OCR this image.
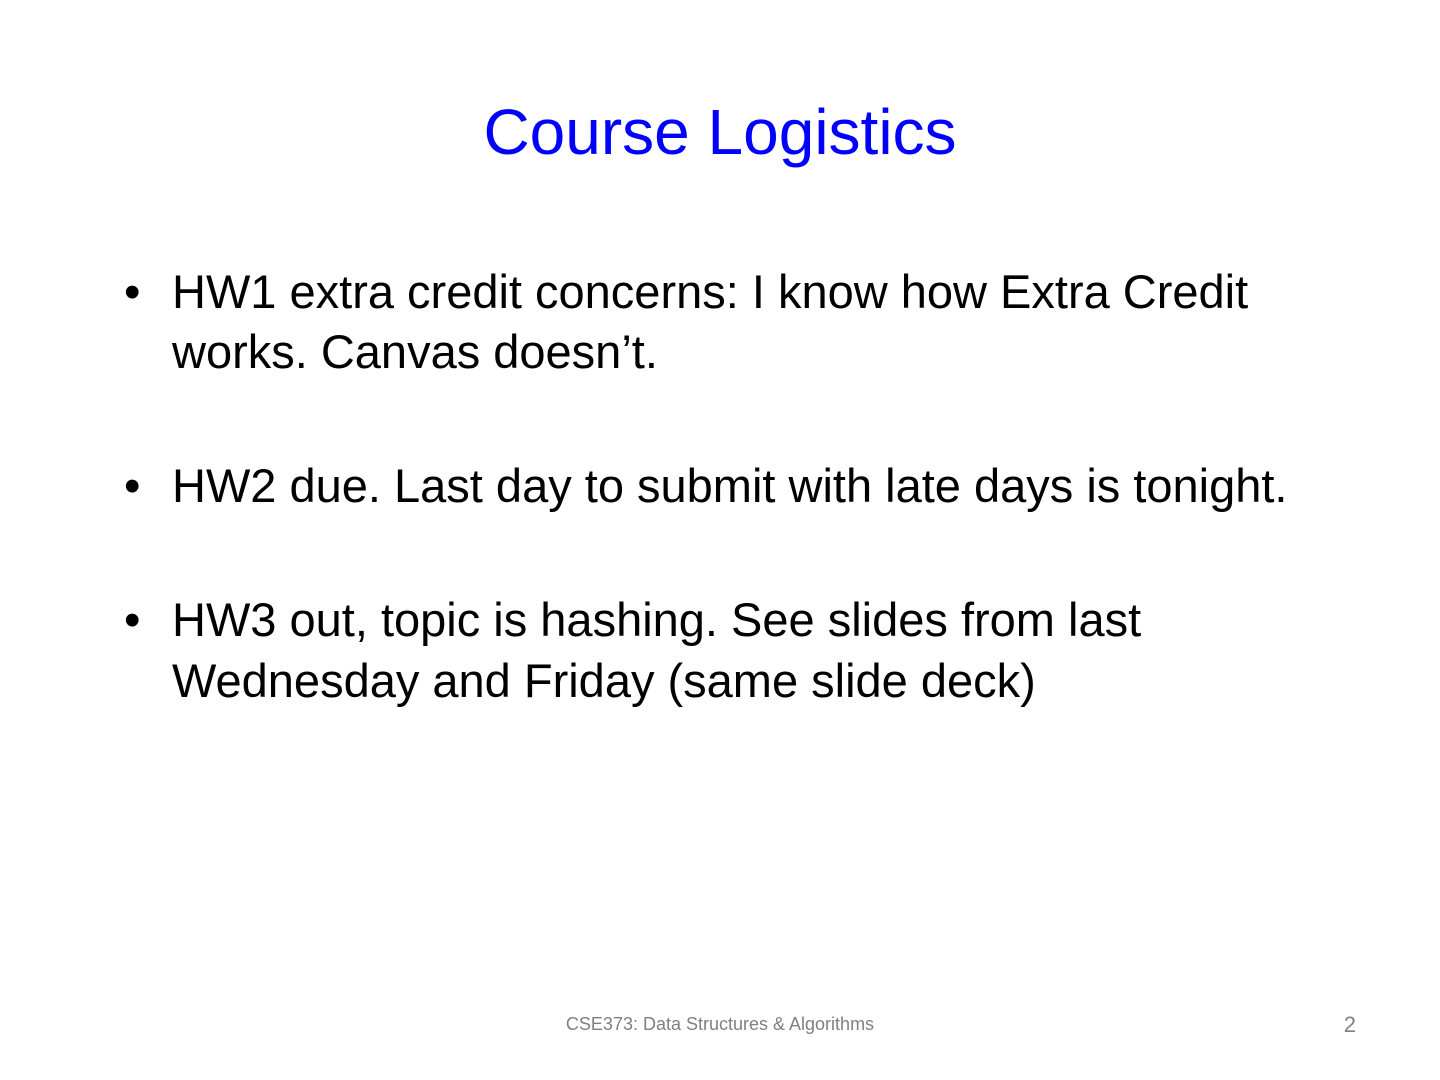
Course Logistics
• HW1 extra credit concerns: I know how Extra Credit works. Canvas doesn’t.
• HW2 due. Last day to submit with late days is tonight.
• HW3 out, topic is hashing. See slides from last Wednesday and Friday (same slide deck)
CSE373: Data Structures & Algorithms	2
